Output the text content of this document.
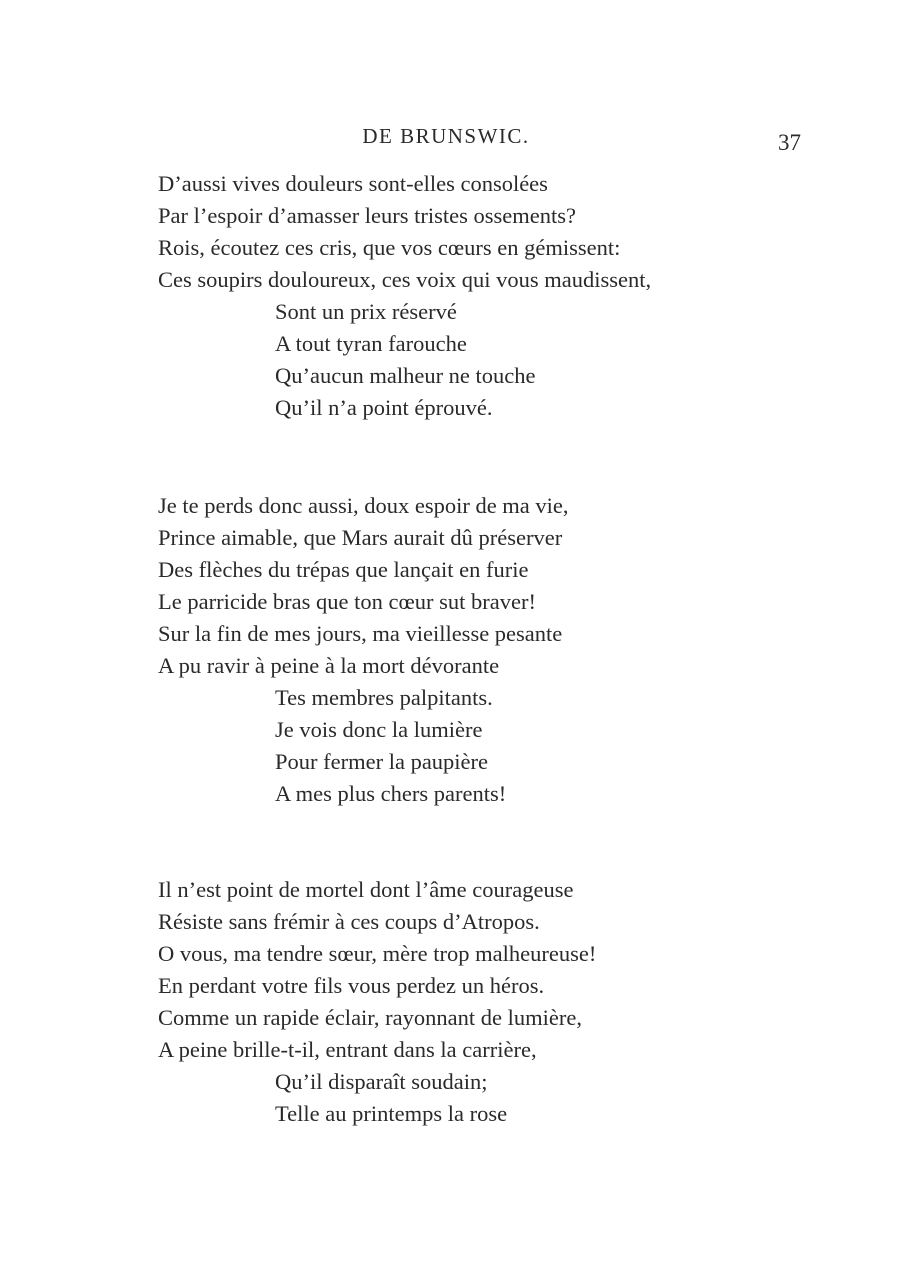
DE BRUNSWIC.	37
D’aussi vives douleurs sont-elles consolées
Par l’espoir d’amasser leurs tristes ossements?
Rois, écoutez ces cris, que vos cœurs en gémissent:
Ces soupirs douloureux, ces voix qui vous maudissent,
Sont un prix réservé
A tout tyran farouche
Qu’aucun malheur ne touche
Qu’il n’a point éprouvé.
Je te perds donc aussi, doux espoir de ma vie,
Prince aimable, que Mars aurait dû préserver
Des flèches du trépas que lançait en furie
Le parricide bras que ton cœur sut braver!
Sur la fin de mes jours, ma vieillesse pesante
A pu ravir à peine à la mort dévorante
Tes membres palpitants.
Je vois donc la lumière
Pour fermer la paupière
A mes plus chers parents!
Il n’est point de mortel dont l’âme courageuse
Résiste sans frémir à ces coups d’Atropos.
O vous, ma tendre sœur, mère trop malheureuse!
En perdant votre fils vous perdez un héros.
Comme un rapide éclair, rayonnant de lumière,
A peine brille-t-il, entrant dans la carrière,
Qu’il disparaît soudain;
Telle au printemps la rose
